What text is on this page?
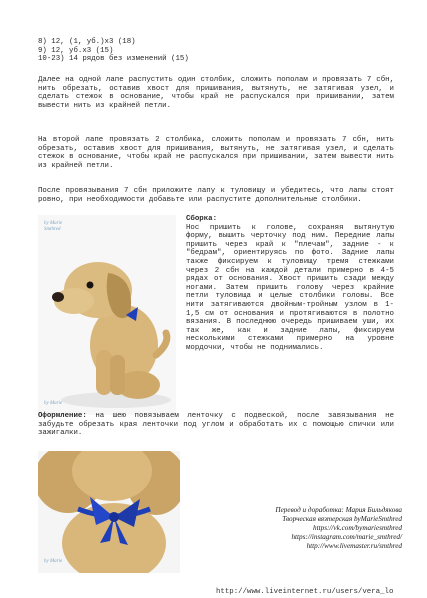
8) 12, (1, уб.)х3 (18)
9) 12, уб.х3 (15)
10-23) 14 рядов без изменений (15)
Далее на одной лапе распустить один столбик, сложить пополам и провязать 7 сбн, нить обрезать, оставив хвост для пришивания, вытянуть, не затягивая узел, и сделать стежок в основание, чтобы край не распускался при пришивании, затем вывести нить из крайней петли.
На второй лапе провязать 2 столбика, сложить пополам и провязать 7 сбн, нить обрезать, оставив хвост для пришивания, вытянуть, не затягивая узел, и сделать стежок в основание, чтобы край не распускался при пришивании, затем вывести нить из крайней петли.
После провязывания 7 сбн приложите лапу к туловищу и убедитесь, что лапы стоят ровно, при необходимости добавьте или распустите дополнительные столбики.
by Marie
Smthred
by Marie
Сборка:
Нос пришить к голове, сохраняя вытянутую форму, вышить черточку под ним. Передние лапы пришить через край к "плечам", задние - к "бедрам", ориентируясь по фото. Задние лапы также фиксируем к туловищу тремя стежками через 2 сбн на каждой детали примерно в 4-5 рядах от основания. Хвост пришить сзади между ногами. Затем пришить голову через крайние петли туловища и целые столбики головы. Все нити затягиваются двойным-тройным узлом в 1-1,5 см от основания и протягиваются в полотно вязания. В последнюю очередь пришиваем уши, их так же, как и задние лапы, фиксируем несколькими стежками примерно на уровне мордочки, чтобы не поднимались.
Оформление: на шею повязываем ленточку с подвеской, после завязывания не забудьте обрезать края ленточки под углом и обработать их с помощью спички или зажигалки.
by Marie
Перевод и доработка: Мария Бильдякова
Творческая вязтерская byMarieSmthred
https://vk.com/bymariesmthred
https://instagram.com/marie_smthred/
http://www.livemaster.ru/smthred
http://www.liveinternet.ru/users/vera_lo
